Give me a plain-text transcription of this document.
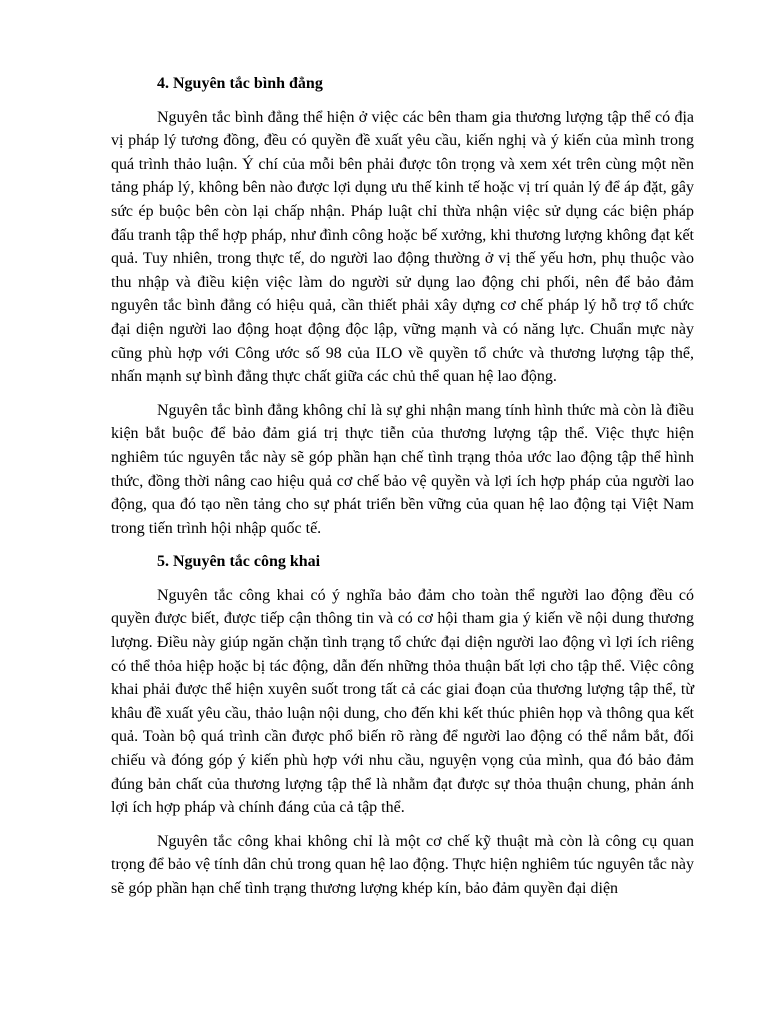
4. Nguyên tắc bình đẳng

Nguyên tắc bình đẳng thể hiện ở việc các bên tham gia thương lượng tập thể có địa vị pháp lý tương đồng, đều có quyền đề xuất yêu cầu, kiến nghị và ý kiến của mình trong quá trình thảo luận. Ý chí của mỗi bên phải được tôn trọng và xem xét trên cùng một nền tảng pháp lý, không bên nào được lợi dụng ưu thế kinh tế hoặc vị trí quản lý để áp đặt, gây sức ép buộc bên còn lại chấp nhận. Pháp luật chỉ thừa nhận việc sử dụng các biện pháp đấu tranh tập thể hợp pháp, như đình công hoặc bế xưởng, khi thương lượng không đạt kết quả. Tuy nhiên, trong thực tế, do người lao động thường ở vị thế yếu hơn, phụ thuộc vào thu nhập và điều kiện việc làm do người sử dụng lao động chi phối, nên để bảo đảm nguyên tắc bình đẳng có hiệu quả, cần thiết phải xây dựng cơ chế pháp lý hỗ trợ tổ chức đại diện người lao động hoạt động độc lập, vững mạnh và có năng lực. Chuẩn mực này cũng phù hợp với Công ước số 98 của ILO về quyền tổ chức và thương lượng tập thể, nhấn mạnh sự bình đẳng thực chất giữa các chủ thể quan hệ lao động.

Nguyên tắc bình đẳng không chỉ là sự ghi nhận mang tính hình thức mà còn là điều kiện bắt buộc để bảo đảm giá trị thực tiễn của thương lượng tập thể. Việc thực hiện nghiêm túc nguyên tắc này sẽ góp phần hạn chế tình trạng thỏa ước lao động tập thể hình thức, đồng thời nâng cao hiệu quả cơ chế bảo vệ quyền và lợi ích hợp pháp của người lao động, qua đó tạo nền tảng cho sự phát triển bền vững của quan hệ lao động tại Việt Nam trong tiến trình hội nhập quốc tế.

5. Nguyên tắc công khai

Nguyên tắc công khai có ý nghĩa bảo đảm cho toàn thể người lao động đều có quyền được biết, được tiếp cận thông tin và có cơ hội tham gia ý kiến về nội dung thương lượng. Điều này giúp ngăn chặn tình trạng tổ chức đại diện người lao động vì lợi ích riêng có thể thỏa hiệp hoặc bị tác động, dẫn đến những thỏa thuận bất lợi cho tập thể. Việc công khai phải được thể hiện xuyên suốt trong tất cả các giai đoạn của thương lượng tập thể, từ khâu đề xuất yêu cầu, thảo luận nội dung, cho đến khi kết thúc phiên họp và thông qua kết quả. Toàn bộ quá trình cần được phổ biến rõ ràng để người lao động có thể nắm bắt, đối chiếu và đóng góp ý kiến phù hợp với nhu cầu, nguyện vọng của mình, qua đó bảo đảm đúng bản chất của thương lượng tập thể là nhằm đạt được sự thỏa thuận chung, phản ánh lợi ích hợp pháp và chính đáng của cả tập thể.

Nguyên tắc công khai không chỉ là một cơ chế kỹ thuật mà còn là công cụ quan trọng để bảo vệ tính dân chủ trong quan hệ lao động. Thực hiện nghiêm túc nguyên tắc này sẽ góp phần hạn chế tình trạng thương lượng khép kín, bảo đảm quyền đại diện
